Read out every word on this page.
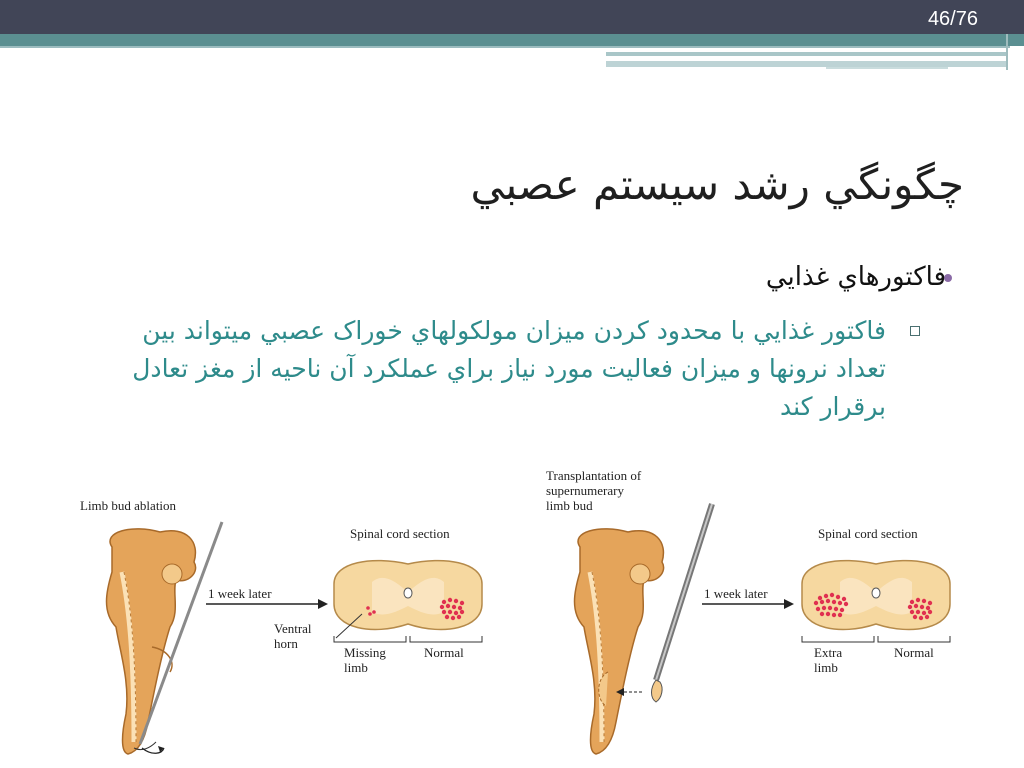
46/76
چگونگي رشد سيستم عصبي
فاکتورهاي غذايي
فاکتور غذايي با محدود کردن ميزان مولکولهاي خوراک عصبي ميتواند بين تعداد نرونها و ميزان فعاليت مورد نياز براي عملکرد آن ناحيه از مغز تعادل برقرار کند
Limb bud ablation
1 week later
Spinal cord section
Ventral
horn
Missing
limb
Normal
Transplantation of
supernumerary
limb bud
1 week later
Spinal cord section
Extra
limb
Normal
